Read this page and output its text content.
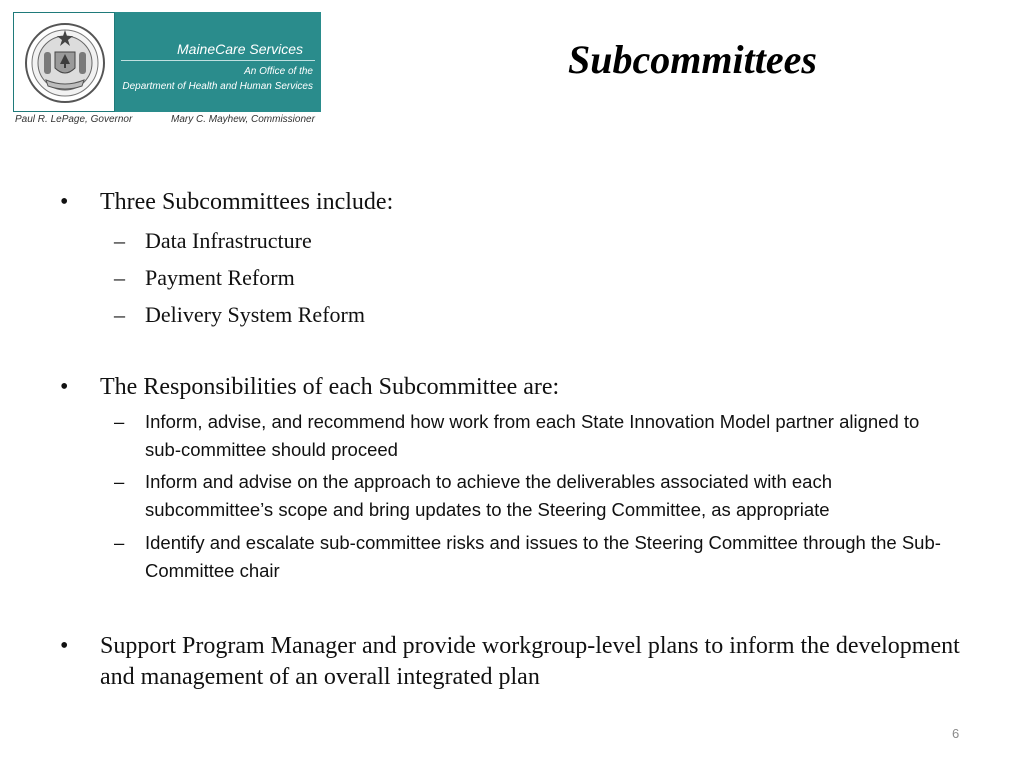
MaineCare Services
An Office of the
Department of Health and Human Services
Paul R. LePage, Governor	Mary C. Mayhew, Commissioner
Subcommittees
• Three Subcommittees include:
– Data Infrastructure
– Payment Reform
– Delivery System Reform
• The Responsibilities of each Subcommittee are:
– Inform, advise, and recommend how work from each State Innovation Model partner aligned to sub-committee should proceed
– Inform and advise on the approach to achieve the deliverables associated with each subcommittee’s scope and bring updates to the Steering Committee, as appropriate
– Identify and escalate sub-committee risks and issues to the Steering Committee through the Sub-Committee chair
• Support Program Manager and provide workgroup-level plans to inform the development and management of an overall integrated plan
6
